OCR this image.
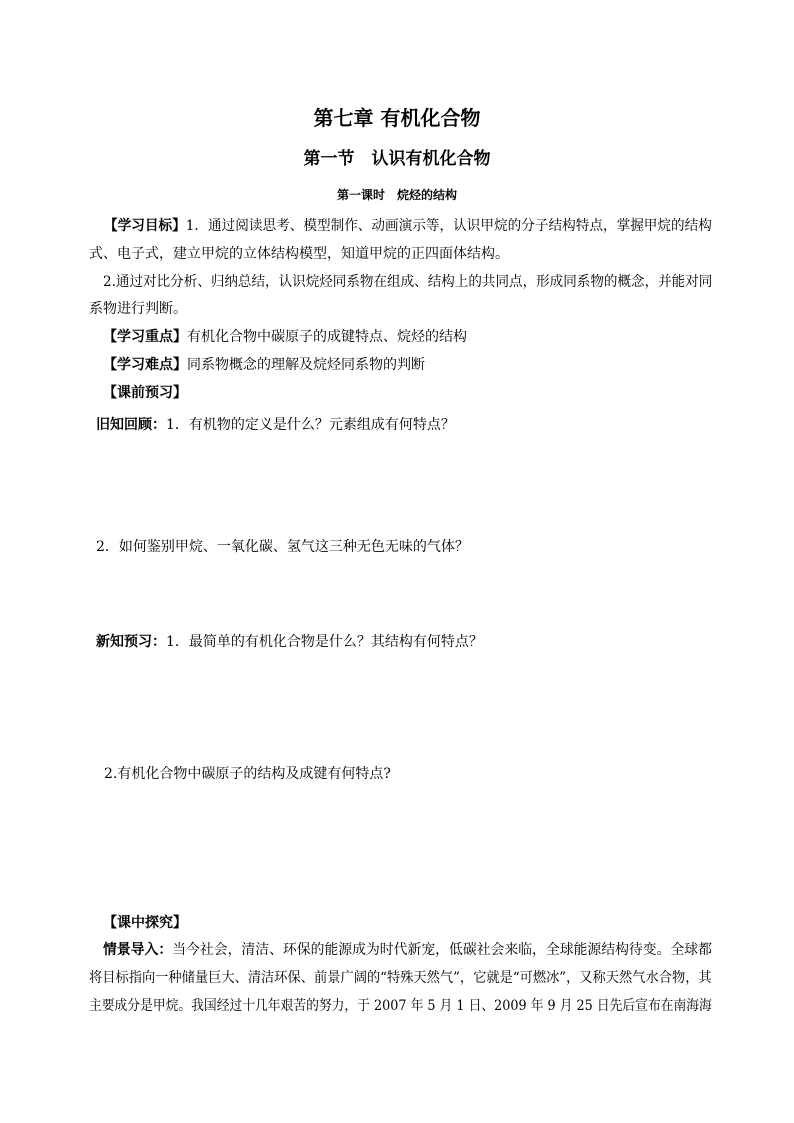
第七章 有机化合物
第一节　认识有机化合物
第一课时　烷烃的结构
【学习目标】1．通过阅读思考、模型制作、动画演示等，认识甲烷的分子结构特点，掌握甲烷的结构
式、电子式，建立甲烷的立体结构模型，知道甲烷的正四面体结构。
2.通过对比分析、归纳总结，认识烷烃同系物在组成、结构上的共同点，形成同系物的概念，并能对同
系物进行判断。
【学习重点】有机化合物中碳原子的成键特点、烷烃的结构
【学习难点】同系物概念的理解及烷烃同系物的判断
【课前预习】
旧知回顾：1．有机物的定义是什么？元素组成有何特点？
2．如何鉴别甲烷、一氧化碳、氢气这三种无色无味的气体？
新知预习：1．最简单的有机化合物是什么？其结构有何特点？
2.有机化合物中碳原子的结构及成键有何特点?
【课中探究】
情景导入：当今社会，清洁、环保的能源成为时代新宠，低碳社会来临，全球能源结构待变。全球都
将目标指向一种储量巨大、清洁环保、前景广阔的“特殊天然气”，它就是“可燃冰”，又称天然气水合物，其
主要成分是甲烷。我国经过十几年艰苦的努力，于 2007 年 5 月 1 日、2009 年 9 月 25 日先后宣布在南海海
